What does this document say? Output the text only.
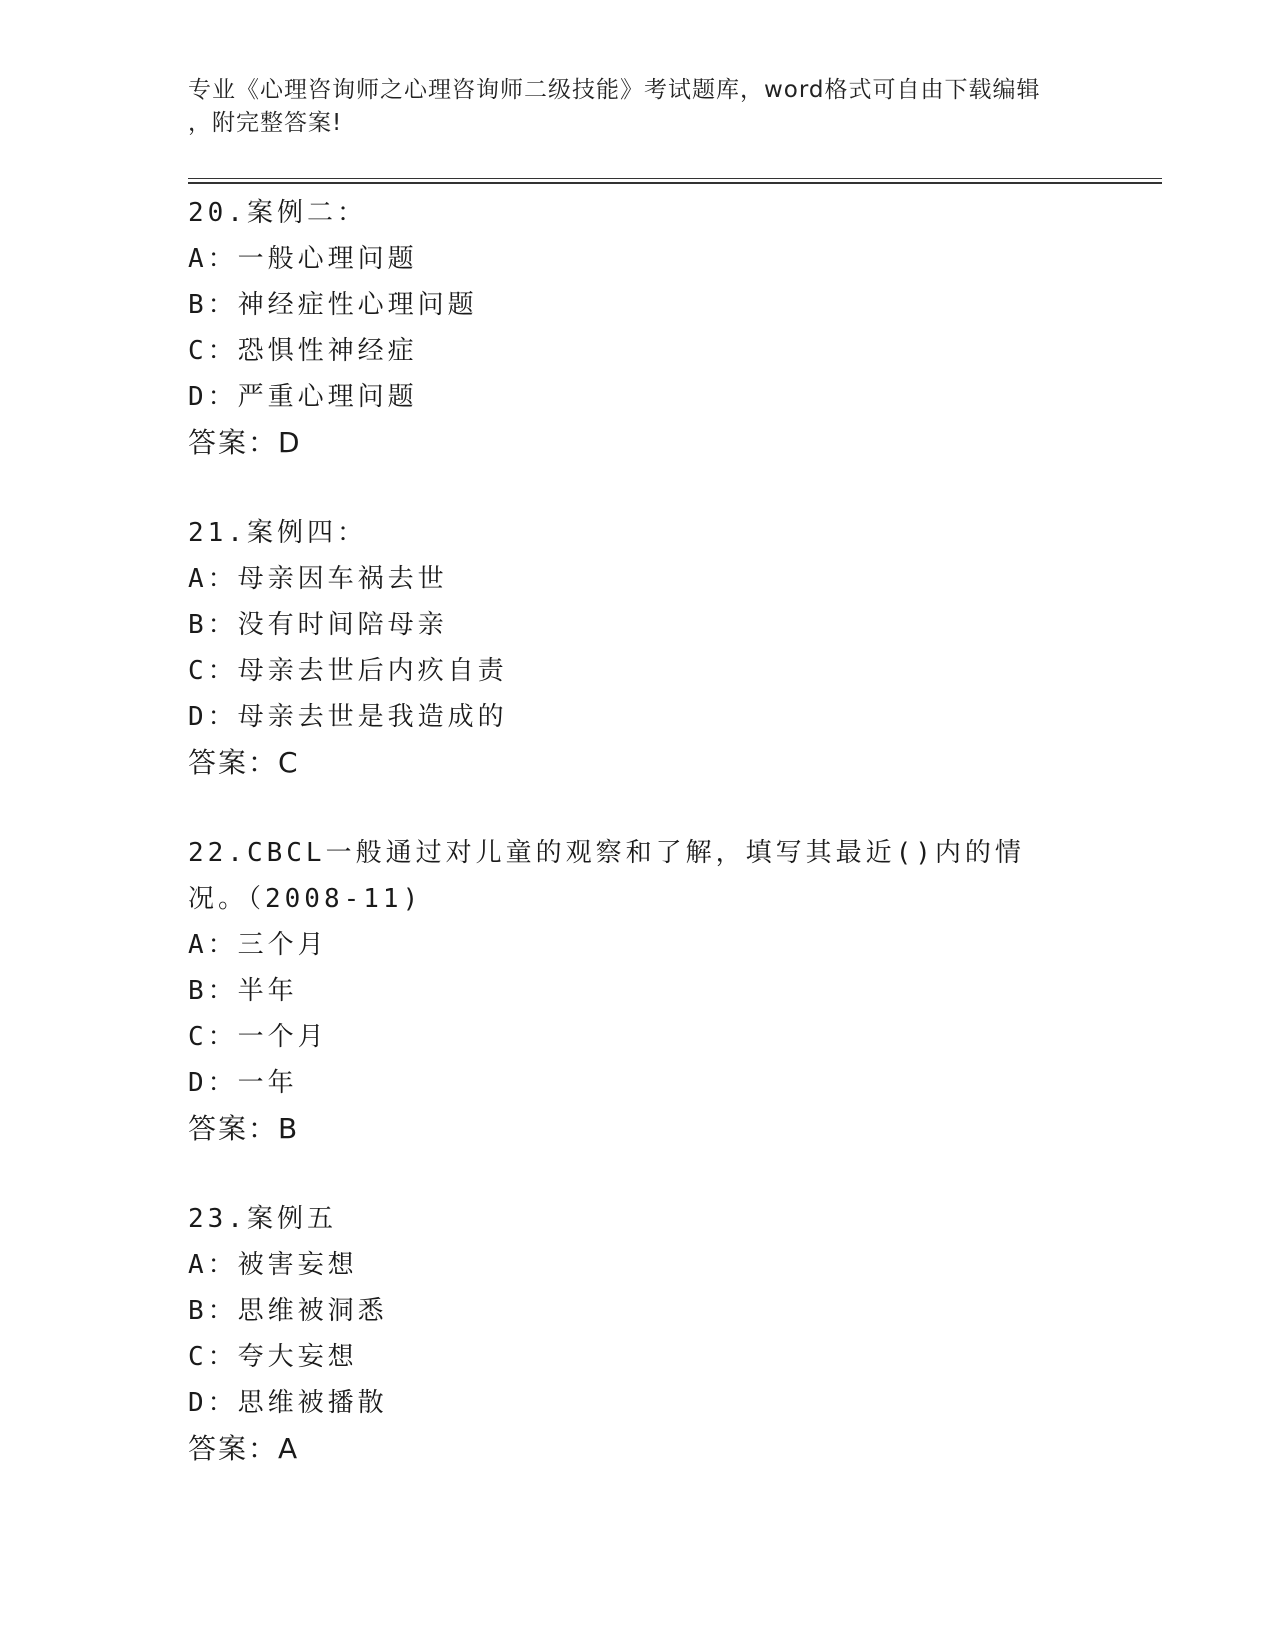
专业《心理咨询师之心理咨询师二级技能》考试题库，word格式可自由下载编辑
，附完整答案!
20.案例二：
A：一般心理问题
B：神经症性心理问题
C：恐惧性神经症
D：严重心理问题
答案：D
21.案例四：
A：母亲因车祸去世
B：没有时间陪母亲
C：母亲去世后内疚自责
D：母亲去世是我造成的
答案：C
22.CBCL一般通过对儿童的观察和了解，填写其最近()内的情况。（2008-11)
A：三个月
B：半年
C：一个月
D：一年
答案：B
23.案例五
A：被害妄想
B：思维被洞悉
C：夸大妄想
D：思维被播散
答案：A
